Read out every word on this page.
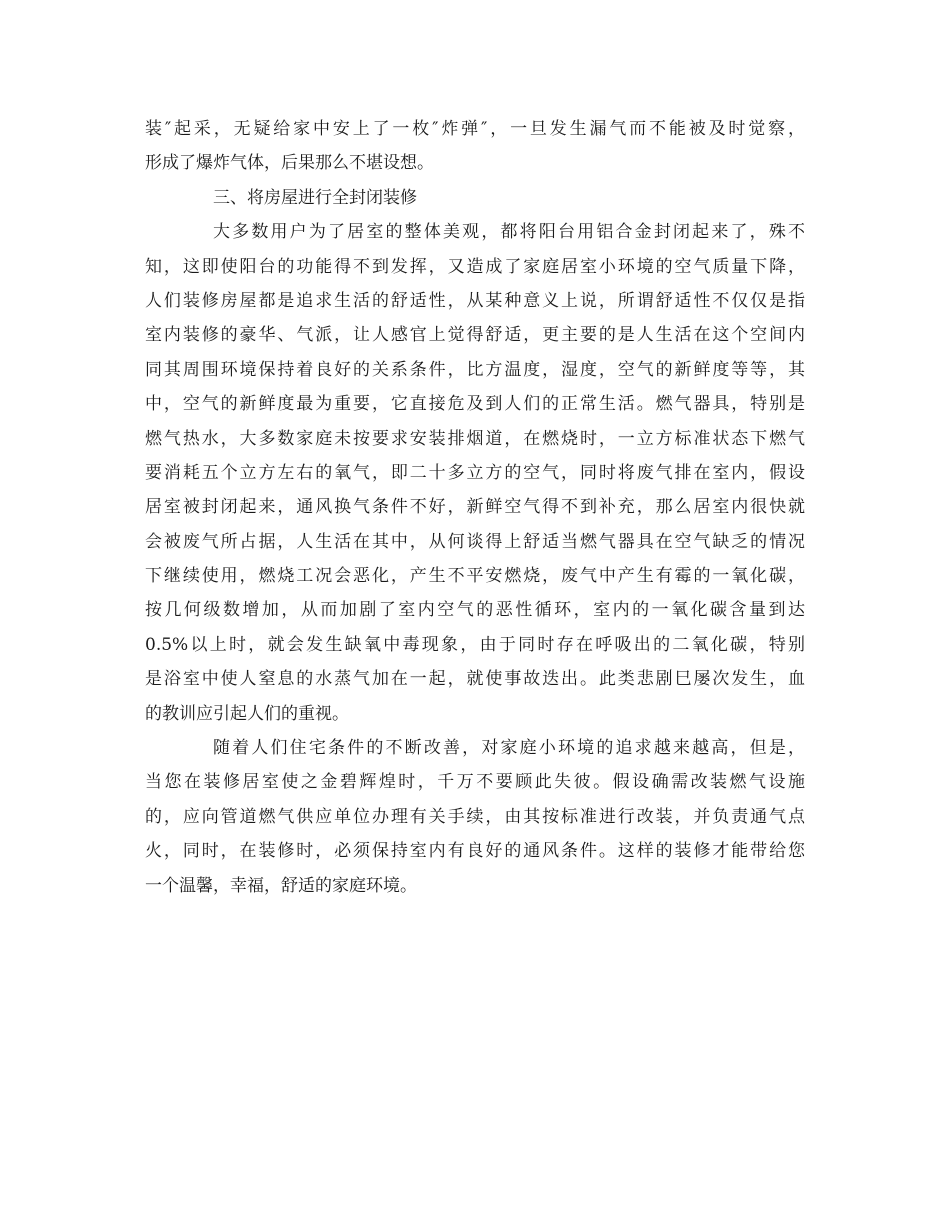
装″起采，无疑给家中安上了一枚″炸弹″，一旦发生漏气而不能被及时觉察，
形成了爆炸气体，后果那么不堪设想。
三、将房屋进行全封闭装修
大多数用户为了居室的整体美观，都将阳台用铝合金封闭起来了，殊不
知，这即使阳台的功能得不到发挥，又造成了家庭居室小环境的空气质量下降，
人们装修房屋都是追求生活的舒适性，从某种意义上说，所谓舒适性不仅仅是指
室内装修的豪华、气派，让人感官上觉得舒适，更主要的是人生活在这个空间内
同其周围环境保持着良好的关系条件，比方温度，湿度，空气的新鲜度等等，其
中，空气的新鲜度最为重要，它直接危及到人们的正常生活。燃气器具，特别是
燃气热水，大多数家庭未按要求安装排烟道，在燃烧时，一立方标准状态下燃气
要消耗五个立方左右的氧气，即二十多立方的空气，同时将废气排在室内，假设
居室被封闭起来，通风换气条件不好，新鲜空气得不到补充，那么居室内很快就
会被废气所占据，人生活在其中，从何谈得上舒适当燃气器具在空气缺乏的情况
下继续使用，燃烧工况会恶化，产生不平安燃烧，废气中产生有霉的一氧化碳，
按几何级数增加，从而加剧了室内空气的恶性循环，室内的一氧化碳含量到达
0.5%以上时，就会发生缺氧中毒现象，由于同时存在呼吸出的二氧化碳，特别
是浴室中使人窒息的水蒸气加在一起，就使事故迭出。此类悲剧巳屡次发生，血
的教训应引起人们的重视。
随着人们住宅条件的不断改善，对家庭小环境的追求越来越高，但是，
当您在装修居室使之金碧辉煌时，千万不要顾此失彼。假设确需改装燃气设施
的，应向管道燃气供应单位办理有关手续，由其按标准进行改装，并负责通气点
火，同时，在装修时，必须保持室内有良好的通风条件。这样的装修才能带给您
一个温馨，幸福，舒适的家庭环境。
